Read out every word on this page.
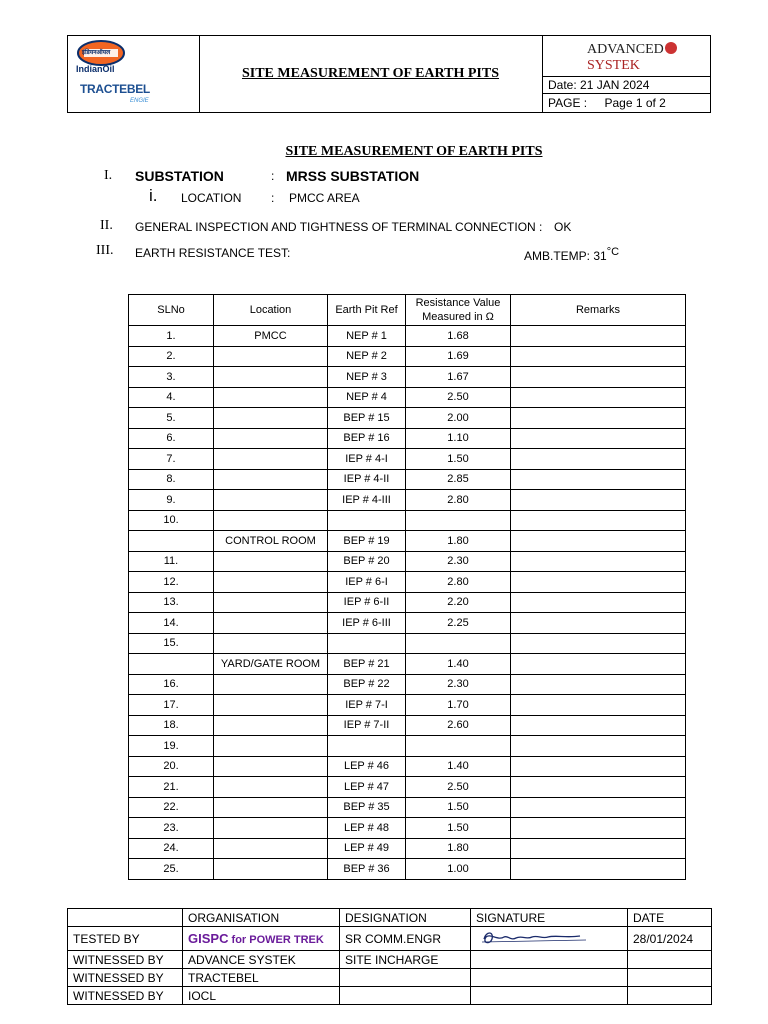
इंडियनऑयल
IndianOil
TRACTEBEL
ENGIE
SITE MEASUREMENT OF EARTH PITS
ADVANCEDSYSTEK
Date: 21 JAN 2024
PAGE : Page 1 of 2
SITE MEASUREMENT OF EARTH PITS
I. SUBSTATION	: MRSS SUBSTATION
i. LOCATION : PMCC AREA
II. GENERAL INSPECTION AND TIGHTNESS OF TERMINAL CONNECTION : OK
III. EARTH RESISTANCE TEST:	AMB.TEMP: $31^{^\circ C}$
SLNo	Location	Earth Pit Ref	Resistance Value Measured in Ω	Remarks
1.	PMCC	NEP # 1	1.68	
2.		NEP # 2	1.69	
3.		NEP # 3	1.67	
4.		NEP # 4	2.50	
5.		BEP # 15	2.00	
6.		BEP # 16	1.10	
7.		IEP # 4-I	1.50	
8.		IEP # 4-II	2.85	
9.		IEP # 4-III	2.80	
10.				
	CONTROL ROOM	BEP # 19	1.80	
11.		BEP # 20	2.30	
12.		IEP # 6-I	2.80	
13.		IEP # 6-II	2.20	
14.		IEP # 6-III	2.25	
15.				
	YARD/GATE ROOM	BEP # 21	1.40	
16.		BEP # 22	2.30	
17.		IEP # 7-I	1.70	
18.		IEP # 7-II	2.60	
19.				
20.		LEP # 46	1.40	
21.		LEP # 47	2.50	
22.		BEP # 35	1.50	
23.		LEP # 48	1.50	
24.		LEP # 49	1.80	
25.		BEP # 36	1.00	
	ORGANISATION	DESIGNATION	SIGNATURE	DATE
TESTED BY	GISPC for POWER TREK	SR COMM.ENGR		28/01/2024
WITNESSED BY	ADVANCE SYSTEK	SITE INCHARGE		
WITNESSED BY	TRACTEBEL			
WITNESSED BY	IOCL			
